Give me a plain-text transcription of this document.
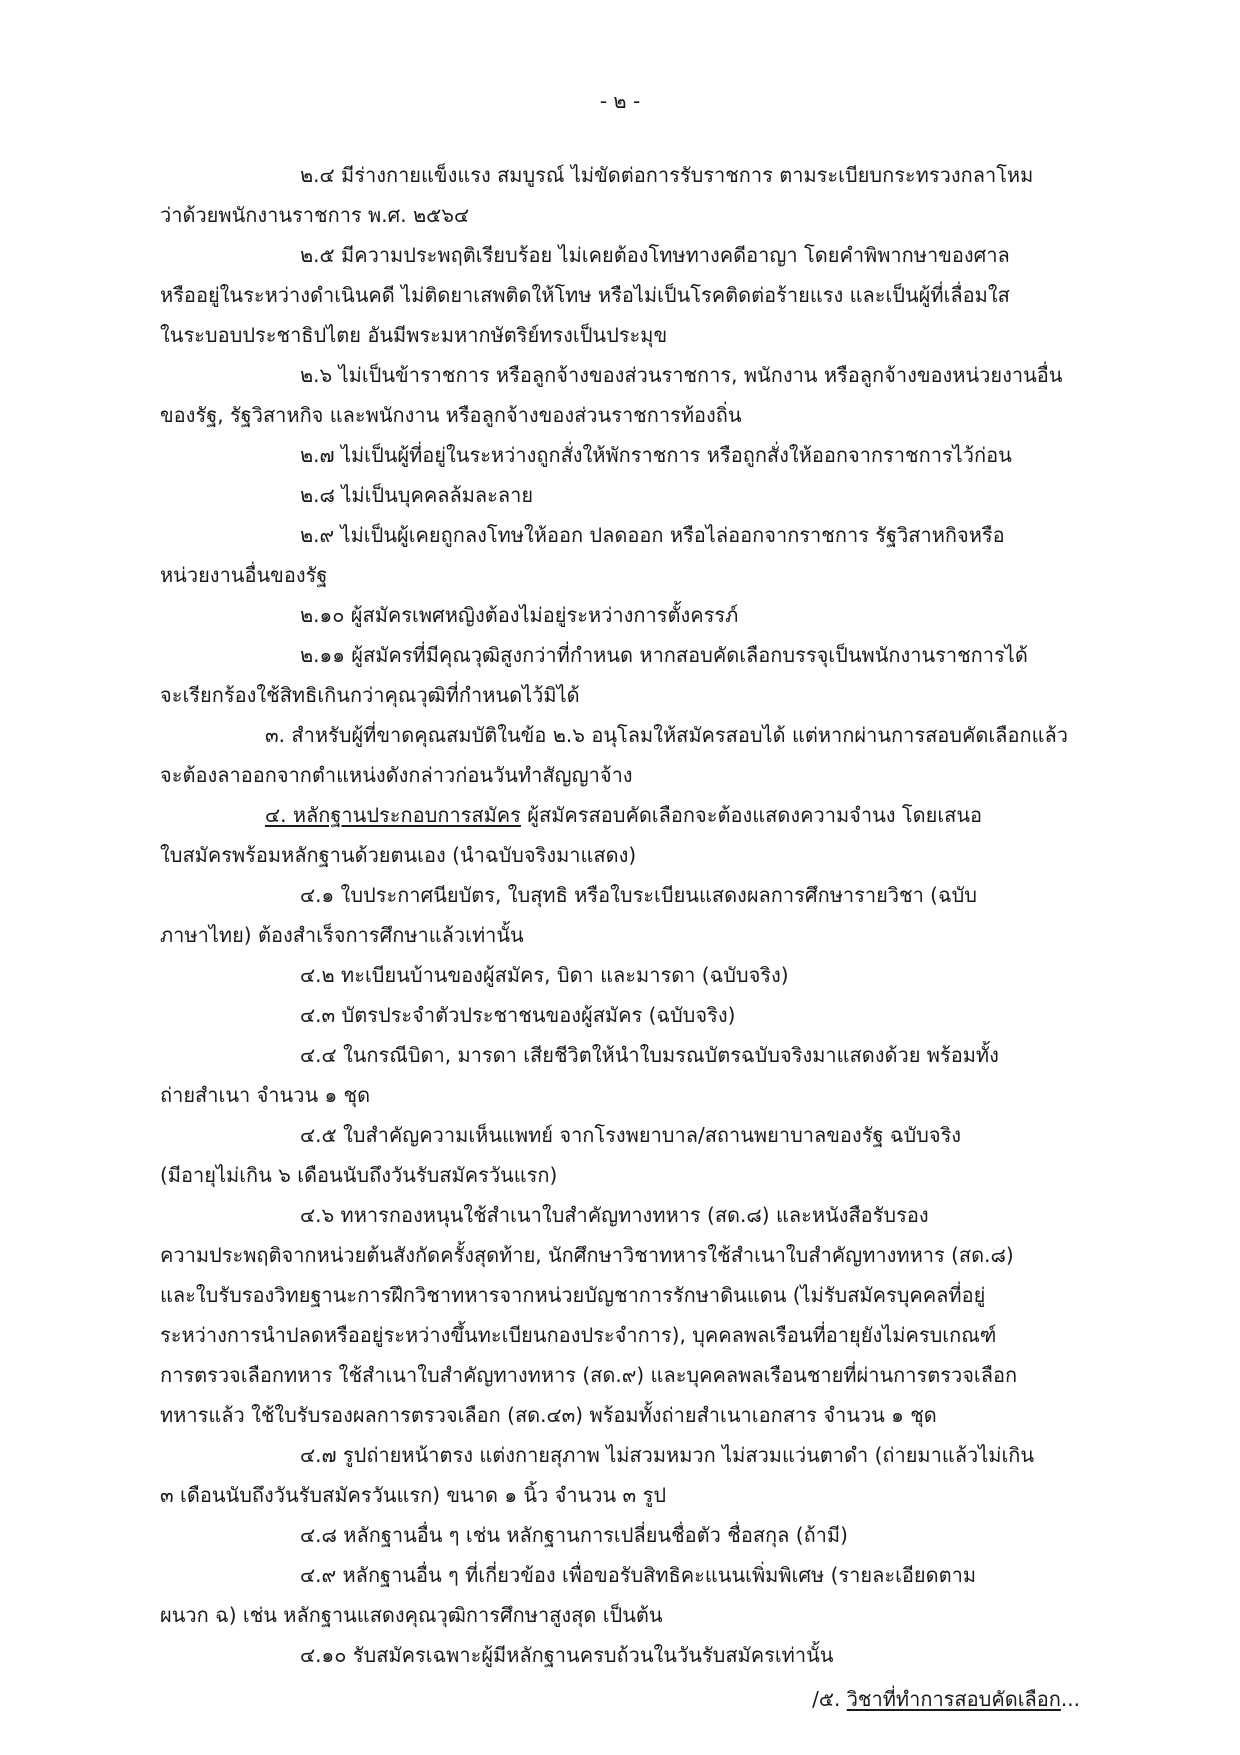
- ๒ -
๒.๔ มีร่างกายแข็งแรง สมบูรณ์ ไม่ขัดต่อการรับราชการ ตามระเบียบกระทรวงกลาโหม
ว่าด้วยพนักงานราชการ พ.ศ. ๒๕๖๔
๒.๕ มีความประพฤติเรียบร้อย ไม่เคยต้องโทษทางคดีอาญา โดยคำพิพากษาของศาล
หรืออยู่ในระหว่างดำเนินคดี ไม่ติดยาเสพติดให้โทษ หรือไม่เป็นโรคติดต่อร้ายแรง และเป็นผู้ที่เลื่อมใส
ในระบอบประชาธิปไตย อันมีพระมหากษัตริย์ทรงเป็นประมุข
๒.๖ ไม่เป็นข้าราชการ หรือลูกจ้างของส่วนราชการ, พนักงาน หรือลูกจ้างของหน่วยงานอื่น
ของรัฐ, รัฐวิสาหกิจ และพนักงาน หรือลูกจ้างของส่วนราชการท้องถิ่น
๒.๗ ไม่เป็นผู้ที่อยู่ในระหว่างถูกสั่งให้พักราชการ หรือถูกสั่งให้ออกจากราชการไว้ก่อน
๒.๘ ไม่เป็นบุคคลล้มละลาย
๒.๙ ไม่เป็นผู้เคยถูกลงโทษให้ออก ปลดออก หรือไล่ออกจากราชการ รัฐวิสาหกิจหรือ
หน่วยงานอื่นของรัฐ
๒.๑๐ ผู้สมัครเพศหญิงต้องไม่อยู่ระหว่างการตั้งครรภ์
๒.๑๑ ผู้สมัครที่มีคุณวุฒิสูงกว่าที่กำหนด หากสอบคัดเลือกบรรจุเป็นพนักงานราชการได้
จะเรียกร้องใช้สิทธิเกินกว่าคุณวุฒิที่กำหนดไว้มิได้
๓. สำหรับผู้ที่ขาดคุณสมบัติในข้อ ๒.๖ อนุโลมให้สมัครสอบได้ แต่หากผ่านการสอบคัดเลือกแล้ว
จะต้องลาออกจากตำแหน่งดังกล่าวก่อนวันทำสัญญาจ้าง
๔. หลักฐานประกอบการสมัคร ผู้สมัครสอบคัดเลือกจะต้องแสดงความจำนง โดยเสนอ
ใบสมัครพร้อมหลักฐานด้วยตนเอง (นำฉบับจริงมาแสดง)
๔.๑ ใบประกาศนียบัตร, ใบสุทธิ หรือใบระเบียนแสดงผลการศึกษารายวิชา (ฉบับ
ภาษาไทย) ต้องสำเร็จการศึกษาแล้วเท่านั้น
๔.๒ ทะเบียนบ้านของผู้สมัคร, บิดา และมารดา (ฉบับจริง)
๔.๓ บัตรประจำตัวประชาชนของผู้สมัคร (ฉบับจริง)
๔.๔ ในกรณีบิดา, มารดา เสียชีวิตให้นำใบมรณบัตรฉบับจริงมาแสดงด้วย พร้อมทั้ง
ถ่ายสำเนา จำนวน ๑ ชุด
๔.๕ ใบสำคัญความเห็นแพทย์ จากโรงพยาบาล/สถานพยาบาลของรัฐ ฉบับจริง
(มีอายุไม่เกิน ๖ เดือนนับถึงวันรับสมัครวันแรก)
๔.๖ ทหารกองหนุนใช้สำเนาใบสำคัญทางทหาร (สด.๘) และหนังสือรับรอง
ความประพฤติจากหน่วยต้นสังกัดครั้งสุดท้าย, นักศึกษาวิชาทหารใช้สำเนาใบสำคัญทางทหาร (สด.๘)
และใบรับรองวิทยฐานะการฝึกวิชาทหารจากหน่วยบัญชาการรักษาดินแดน (ไม่รับสมัครบุคคลที่อยู่
ระหว่างการนำปลดหรืออยู่ระหว่างขึ้นทะเบียนกองประจำการ), บุคคลพลเรือนที่อายุยังไม่ครบเกณฑ์
การตรวจเลือกทหาร ใช้สำเนาใบสำคัญทางทหาร (สด.๙) และบุคคลพลเรือนชายที่ผ่านการตรวจเลือก
ทหารแล้ว ใช้ใบรับรองผลการตรวจเลือก (สด.๔๓) พร้อมทั้งถ่ายสำเนาเอกสาร จำนวน ๑ ชุด
๔.๗ รูปถ่ายหน้าตรง แต่งกายสุภาพ ไม่สวมหมวก ไม่สวมแว่นตาดำ (ถ่ายมาแล้วไม่เกิน
๓ เดือนนับถึงวันรับสมัครวันแรก) ขนาด ๑ นิ้ว จำนวน ๓ รูป
๔.๘ หลักฐานอื่น ๆ เช่น หลักฐานการเปลี่ยนชื่อตัว ชื่อสกุล (ถ้ามี)
๔.๙ หลักฐานอื่น ๆ ที่เกี่ยวข้อง เพื่อขอรับสิทธิคะแนนเพิ่มพิเศษ (รายละเอียดตาม
ผนวก ฉ) เช่น หลักฐานแสดงคุณวุฒิการศึกษาสูงสุด เป็นต้น
๔.๑๐ รับสมัครเฉพาะผู้มีหลักฐานครบถ้วนในวันรับสมัครเท่านั้น
/๕. วิชาที่ทำการสอบคัดเลือก...
